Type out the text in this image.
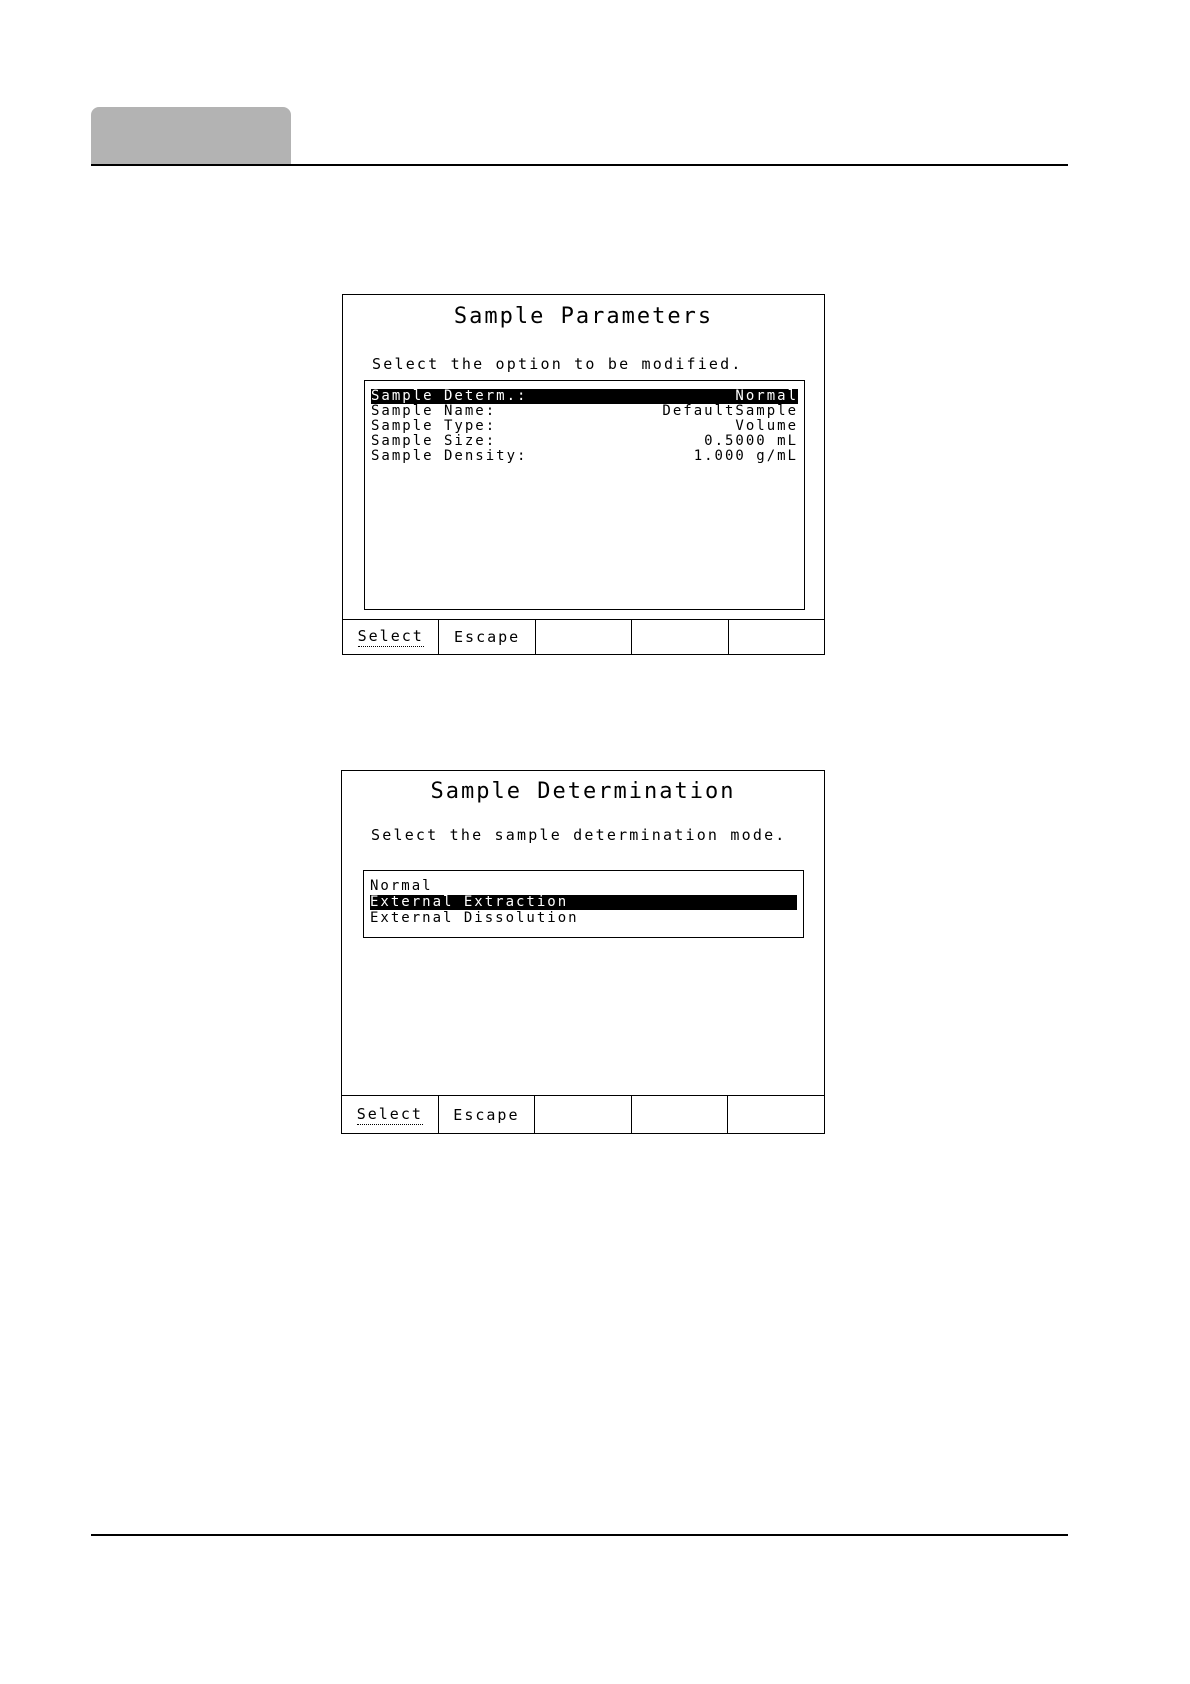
Sample Parameters
Select the option to be modified.
Sample Determ.:	Normal
Sample Name:	DefaultSample
Sample Type:	Volume
Sample Size:	0.5000 mL
Sample Density:	1.000 g/mL
Select Escape
Sample Determination
Select the sample determination mode.
Normal
External Extraction
External Dissolution
Select Escape
